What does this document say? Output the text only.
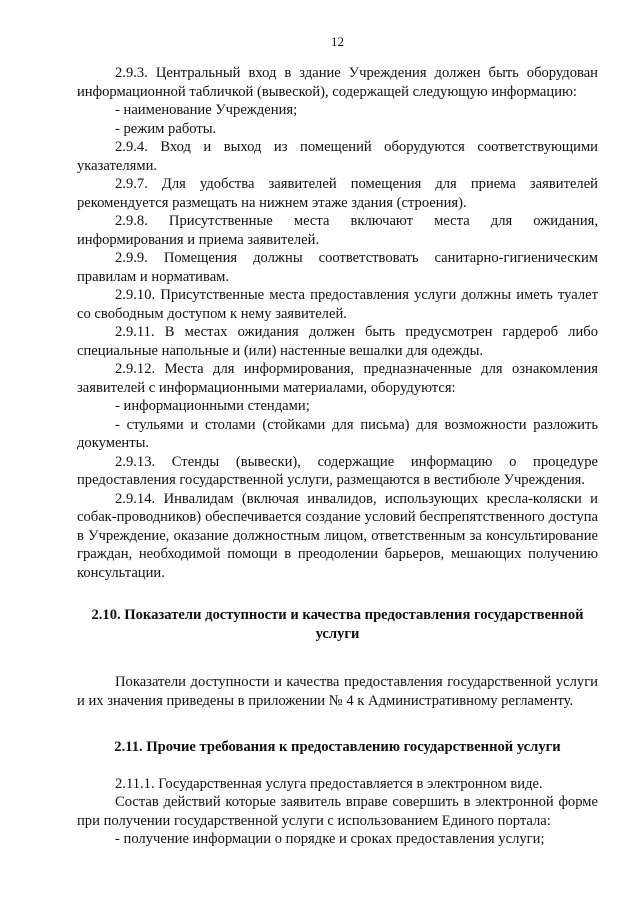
12

2.9.3. Центральный вход в здание Учреждения должен быть оборудован информационной табличкой (вывеской), содержащей следующую информацию:

- наименование Учреждения;

- режим работы.

2.9.4. Вход и выход из помещений оборудуются соответствующими указателями.

2.9.7. Для удобства заявителей помещения для приема заявителей рекомендуется размещать на нижнем этаже здания (строения).

2.9.8. Присутственные места включают места для ожидания, информирования и приема заявителей.

2.9.9. Помещения должны соответствовать санитарно-гигиеническим правилам и нормативам.

2.9.10. Присутственные места предоставления услуги должны иметь туалет со свободным доступом к нему заявителей.

2.9.11. В местах ожидания должен быть предусмотрен гардероб либо специальные напольные и (или) настенные вешалки для одежды.

2.9.12. Места для информирования, предназначенные для ознакомления заявителей с информационными материалами, оборудуются:

- информационными стендами;

- стульями и столами (стойками для письма) для возможности разложить документы.

2.9.13. Стенды (вывески), содержащие информацию о процедуре предоставления государственной услуги, размещаются в вестибюле Учреждения.

2.9.14. Инвалидам (включая инвалидов, использующих кресла-коляски и собак-проводников) обеспечивается создание условий беспрепятственного доступа в Учреждение, оказание должностным лицом, ответственным за консультирование граждан, необходимой помощи в преодолении барьеров, мешающих получению консультации.

2.10. Показатели доступности и качества предоставления государственной услуги

Показатели доступности и качества предоставления государственной услуги и их значения приведены в приложении № 4 к Административному регламенту.

2.11. Прочие требования к предоставлению государственной услуги

2.11.1. Государственная услуга предоставляется в электронном виде.

Состав действий которые заявитель вправе совершить в электронной форме при получении государственной услуги с использованием Единого портала:

- получение информации о порядке и сроках предоставления услуги;
